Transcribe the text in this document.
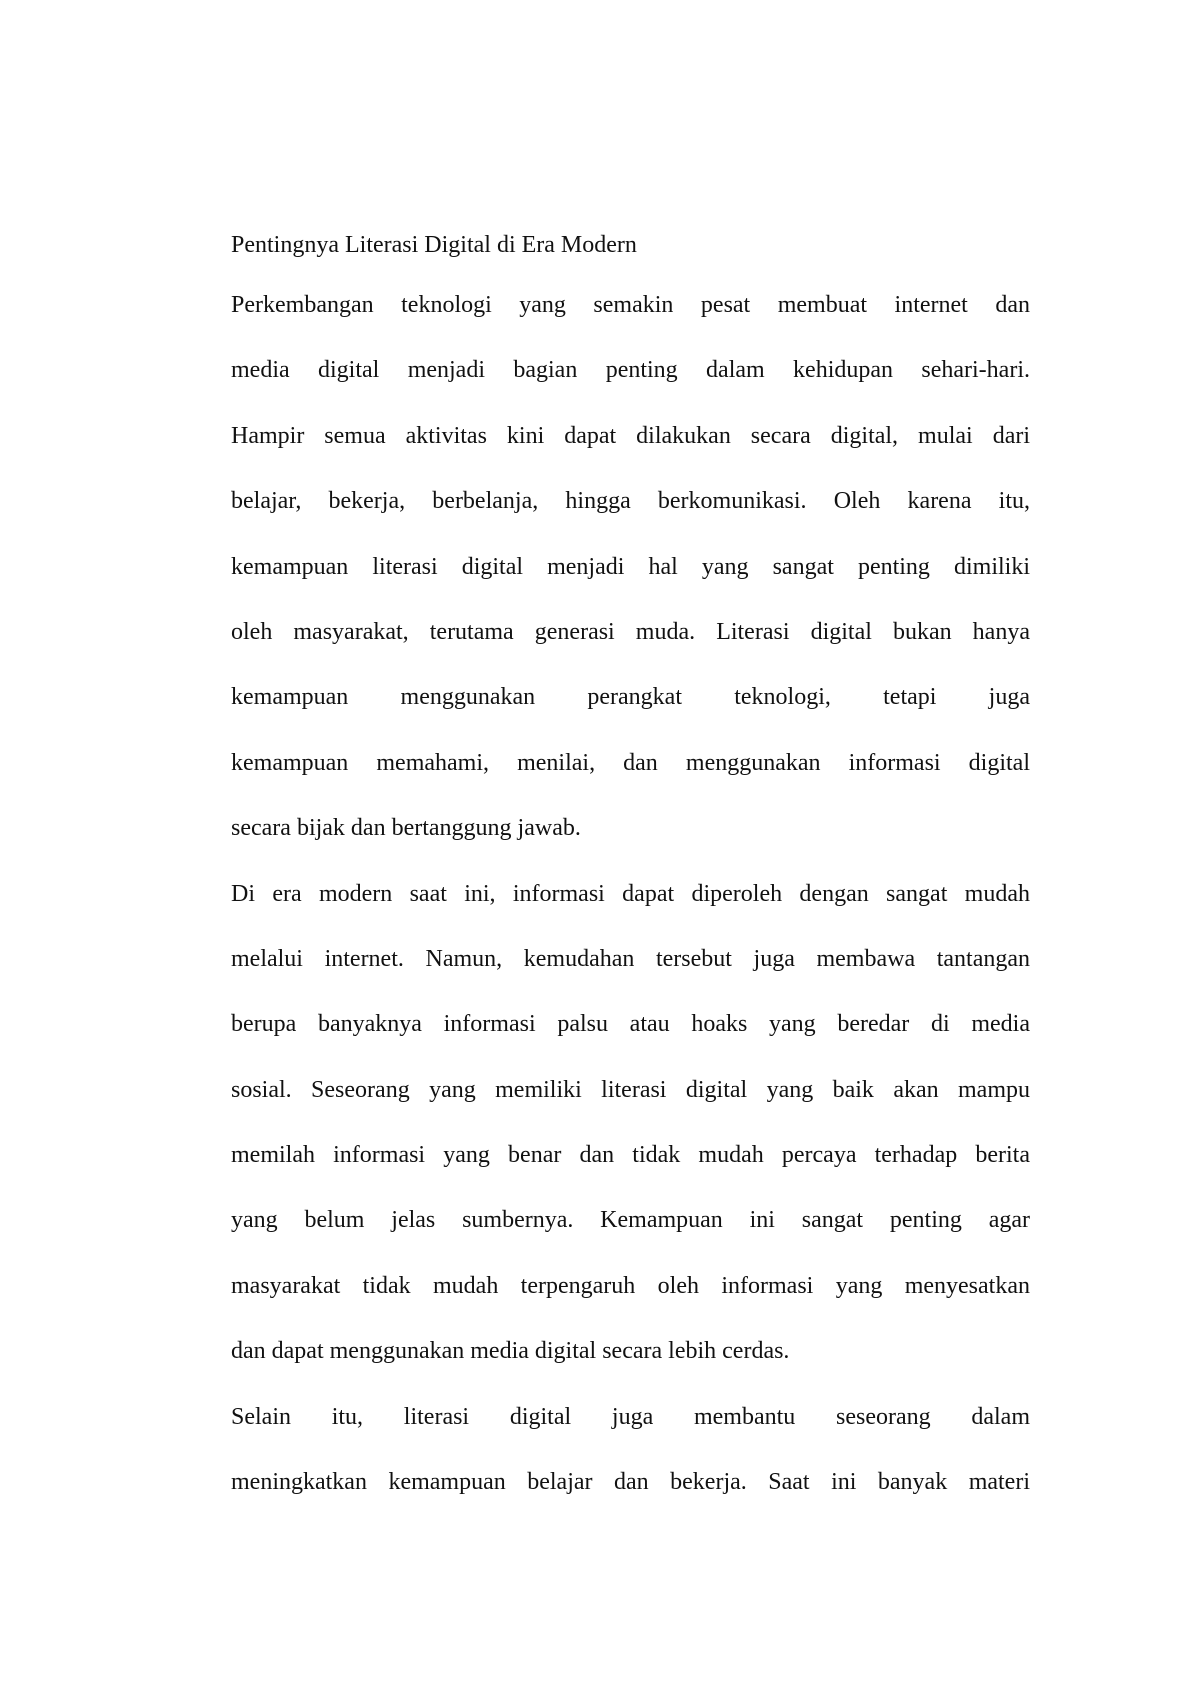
Pentingnya Literasi Digital di Era Modern

Perkembangan teknologi yang semakin pesat membuat internet dan
media digital menjadi bagian penting dalam kehidupan sehari-hari.
Hampir semua aktivitas kini dapat dilakukan secara digital, mulai dari
belajar, bekerja, berbelanja, hingga berkomunikasi. Oleh karena itu,
kemampuan literasi digital menjadi hal yang sangat penting dimiliki
oleh masyarakat, terutama generasi muda. Literasi digital bukan hanya
kemampuan menggunakan perangkat teknologi, tetapi juga
kemampuan memahami, menilai, dan menggunakan informasi digital
secara bijak dan bertanggung jawab.

Di era modern saat ini, informasi dapat diperoleh dengan sangat mudah
melalui internet. Namun, kemudahan tersebut juga membawa tantangan
berupa banyaknya informasi palsu atau hoaks yang beredar di media
sosial. Seseorang yang memiliki literasi digital yang baik akan mampu
memilah informasi yang benar dan tidak mudah percaya terhadap berita
yang belum jelas sumbernya. Kemampuan ini sangat penting agar
masyarakat tidak mudah terpengaruh oleh informasi yang menyesatkan
dan dapat menggunakan media digital secara lebih cerdas.

Selain itu, literasi digital juga membantu seseorang dalam
meningkatkan kemampuan belajar dan bekerja. Saat ini banyak materi
